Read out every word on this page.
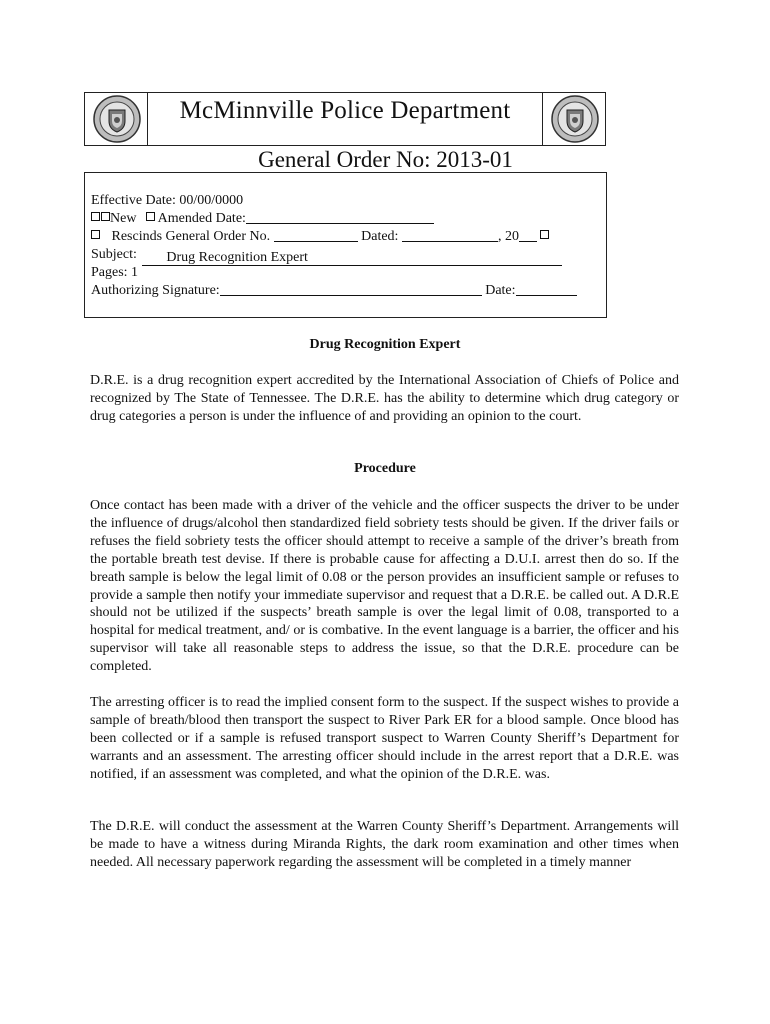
McMinnville Police Department
General Order No: 2013-01
Effective Date: 00/00/0000
New Amended Date:
Rescinds General Order No.	Dated:	, 20
Subject: Drug Recognition Expert
Pages: 1
Authorizing Signature:	Date:
Drug Recognition Expert

D.R.E. is a drug recognition expert accredited by the International Association of Chiefs of Police and recognized by The State of Tennessee. The D.R.E. has the ability to determine which drug category or drug categories a person is under the influence of and providing an opinion to the court.

Procedure

Once contact has been made with a driver of the vehicle and the officer suspects the driver to be under the influence of drugs/alcohol then standardized field sobriety tests should be given. If the driver fails or refuses the field sobriety tests the officer should attempt to receive a sample of the driver’s breath from the portable breath test devise. If there is probable cause for affecting a D.U.I. arrest then do so. If the breath sample is below the legal limit of 0.08 or the person provides an insufficient sample or refuses to provide a sample then notify your immediate supervisor and request that a D.R.E. be called out. A D.R.E should not be utilized if the suspects’ breath sample is over the legal limit of 0.08, transported to a hospital for medical treatment, and/ or is combative. In the event language is a barrier, the officer and his supervisor will take all reasonable steps to address the issue, so that the D.R.E. procedure can be completed.

The arresting officer is to read the implied consent form to the suspect. If the suspect wishes to provide a sample of breath/blood then transport the suspect to River Park ER for a blood sample. Once blood has been collected or if a sample is refused transport suspect to Warren County Sheriff’s Department for warrants and an assessment. The arresting officer should include in the arrest report that a D.R.E. was notified, if an assessment was completed, and what the opinion of the D.R.E. was.

The D.R.E. will conduct the assessment at the Warren County Sheriff’s Department. Arrangements will be made to have a witness during Miranda Rights, the dark room examination and other times when needed. All necessary paperwork regarding the assessment will be completed in a timely manner
